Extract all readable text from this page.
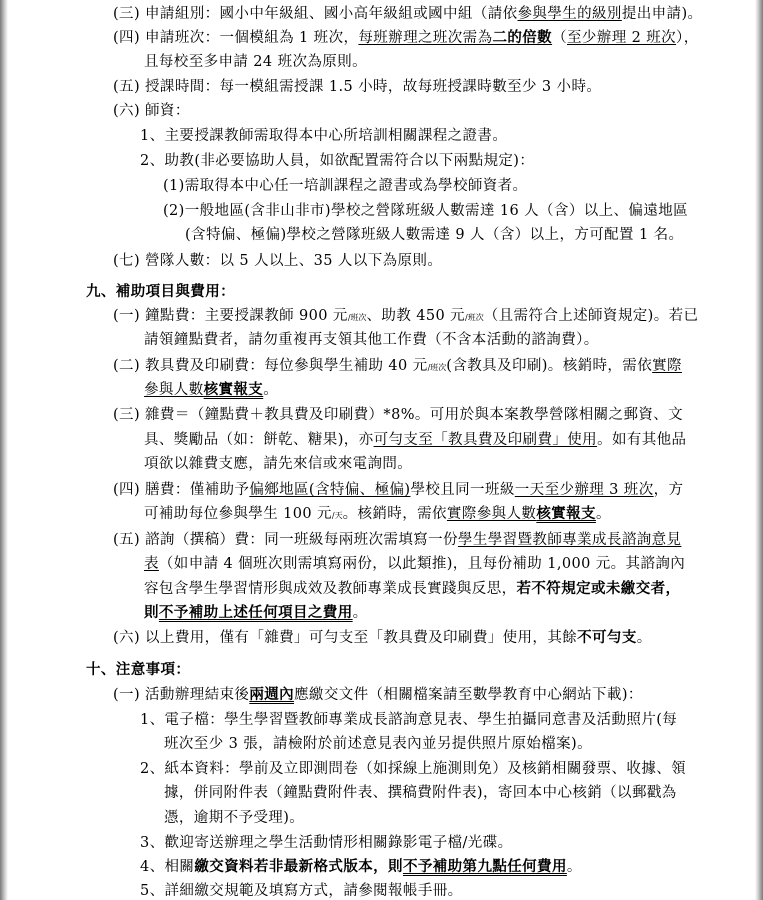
(三) 申請組別：國小中年級組、國小高年級組或國中組（請依參與學生的級別提出申請)。
(四) 申請班次：一個模組為 1 班次，每班辦理之班次需為二的倍數（至少辦理 2 班次），
且每校至多申請 24 班次為原則。
(五) 授課時間：每一模組需授課 1.5 小時，故每班授課時數至少 3 小時。
(六) 師資：
1、主要授課教師需取得本中心所培訓相關課程之證書。
2、助教(非必要協助人員，如欲配置需符合以下兩點規定)：
(1)需取得本中心任一培訓課程之證書或為學校師資者。
(2)一般地區(含非山非市)學校之營隊班級人數需達 16 人（含）以上、偏遠地區
(含特偏、極偏)學校之營隊班級人數需達 9 人（含）以上，方可配置 1 名。
(七) 營隊人數：以 5 人以上、35 人以下為原則。
九、補助項目與費用：
(一) 鐘點費：主要授課教師 900 元/班次、助教 450 元/班次（且需符合上述師資規定)。若已
請領鐘點費者，請勿重複再支領其他工作費（不含本活動的諮詢費）。
(二) 教具費及印刷費：每位參與學生補助 40 元/班次(含教具及印刷)。核銷時，需依實際
參與人數核實報支。
(三) 雜費＝（鐘點費＋教具費及印刷費）*8%。可用於與本案教學營隊相關之郵資、文
具、獎勵品（如：餅乾、糖果)，亦可勻支至「教具費及印刷費」使用。如有其他品
項欲以雜費支應，請先來信或來電詢問。
(四) 膳費：僅補助予偏鄉地區(含特偏、極偏)學校且同一班級一天至少辦理 3 班次，方
可補助每位參與學生 100 元/天。核銷時，需依實際參與人數核實報支。
(五) 諮詢（撰稿）費：同一班級每兩班次需填寫一份學生學習暨教師專業成長諮詢意見
表（如申請 4 個班次則需填寫兩份，以此類推)，且每份補助 1,000 元。其諮詢內
容包含學生學習情形與成效及教師專業成長實踐與反思，若不符規定或未繳交者，
則不予補助上述任何項目之費用。
(六) 以上費用，僅有「雜費」可勻支至「教具費及印刷費」使用，其餘不可勻支。
十、注意事項：
(一) 活動辦理結束後兩週內應繳交文件（相關檔案請至數學教育中心網站下載)：
1、電子檔：學生學習暨教師專業成長諮詢意見表、學生拍攝同意書及活動照片(每
班次至少 3 張，請檢附於前述意見表內並另提供照片原始檔案)。
2、紙本資料：學前及立即測問卷（如採線上施測則免）及核銷相關發票、收據、領
據，併同附件表（鐘點費附件表、撰稿費附件表)，寄回本中心核銷（以郵戳為
憑，逾期不予受理)。
3、歡迎寄送辦理之學生活動情形相關錄影電子檔/光碟。
4、相關繳交資料若非最新格式版本，則不予補助第九點任何費用。
5、詳細繳交規範及填寫方式，請參閱報帳手冊。
